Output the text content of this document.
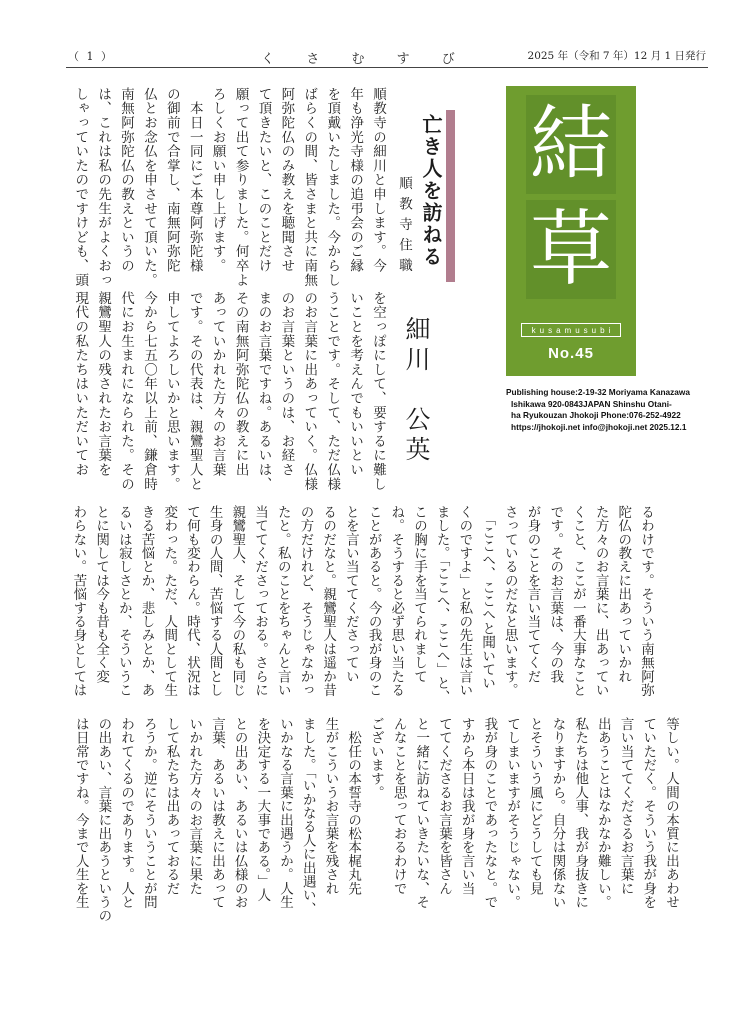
（ 1 ）	く さ む す び	2025 年（令和 7 年）12 月 1 日発行
結
草
kusamusubi
No.45
Publishing house:2-19-32 Moriyama Kanazawa
Ishikawa 920-0843JAPAN Shinshu Otani-
ha Ryukouzan Jhokoji Phone:076-252-4922
https://jhokoji.net info@jhokoji.net 2025.12.1
亡き人を訪ねる
順教寺住職
細川　公英

順教寺の細川と申します。今

年も浄光寺様の追弔会のご縁

を頂戴いたしました。今からし

ばらくの間、皆さまと共に南無

阿弥陀仏のみ教えを聴聞させ

て頂きたいと、このことだけ

願って出て参りました。何卒よ

ろしくお願い申し上げます。

　本日一同にご本尊阿弥陀様

の御前で合掌し、南無阿弥陀

仏とお念仏を申させて頂いた。

南無阿弥陀仏の教えというの

は、これは私の先生がよくおっ

しゃっていたのですけども、頭

を空っぽにして、要するに難し

いことを考えんでもいいとい

うことです。そして、ただ仏様

のお言葉に出あっていく。仏様

のお言葉というのは、お経さ

まのお言葉ですね。あるいは、

その南無阿弥陀仏の教えに出

あっていかれた方々のお言葉

です。その代表は、親鸞聖人と

申してよろしいかと思います。

今から七五〇年以上前、鎌倉時

代にお生まれになられた。その

親鸞聖人の残されたお言葉を

現代の私たちはいただいてお

るわけです。そういう南無阿弥

陀仏の教えに出あっていかれ

た方々のお言葉に、出あってい

くこと、ここが一番大事なこと

です。そのお言葉は、今の我

が身のことを言い当ててくだ

さっているのだなと思います。

　「ここへ、ここへと聞いてい

くのですよ」と私の先生は言い

ました。「ここへ、ここへ」と、

この胸に手を当てられまして

ね。そうすると必ず思い当たる

ことがあると。今の我が身のこ

とを言い当ててくださってい

るのだなと。親鸞聖人は遥か昔

の方だけれど、そうじゃなかっ

たと。私のことをちゃんと言い

当ててくださっておる。さらに

親鸞聖人、そして今の私も同じ

生身の人間、苦悩する人間とし

て何も変わらん。時代、状況は

変わった。ただ、人間として生

きる苦悩とか、悲しみとか、あ

るいは寂しさとか、そういうこ

とに関しては今も昔も全く変

わらない。苦悩する身としては

等しい。人間の本質に出あわせ

ていただく。そういう我が身を

言い当ててくださるお言葉に

出あうことはなかなか難しい。

私たちは他人事、我が身抜きに

なりますから。自分は関係ない

とそういう風にどうしても見

てしまいますがそうじゃない。

我が身のことであったなと。で

すから本日は我が身を言い当

ててくださるお言葉を皆さん

と一緒に訪ねていきたいな、そ

んなことを思っておるわけで

ございます。

　松任の本誓寺の松本梶丸先

生がこういうお言葉を残され

ました。「いかなる人に出遇い、

いかなる言葉に出遇うか。人生

を決定する一大事である。」人

との出あい、あるいは仏様のお

言葉、あるいは教えに出あって

いかれた方々のお言葉に果た

して私たちは出あっておるだ

ろうか。逆にそういうことが問

われてくるのであります。人と

の出あい、言葉に出あうというの

は日常ですね。今まで人生を生
